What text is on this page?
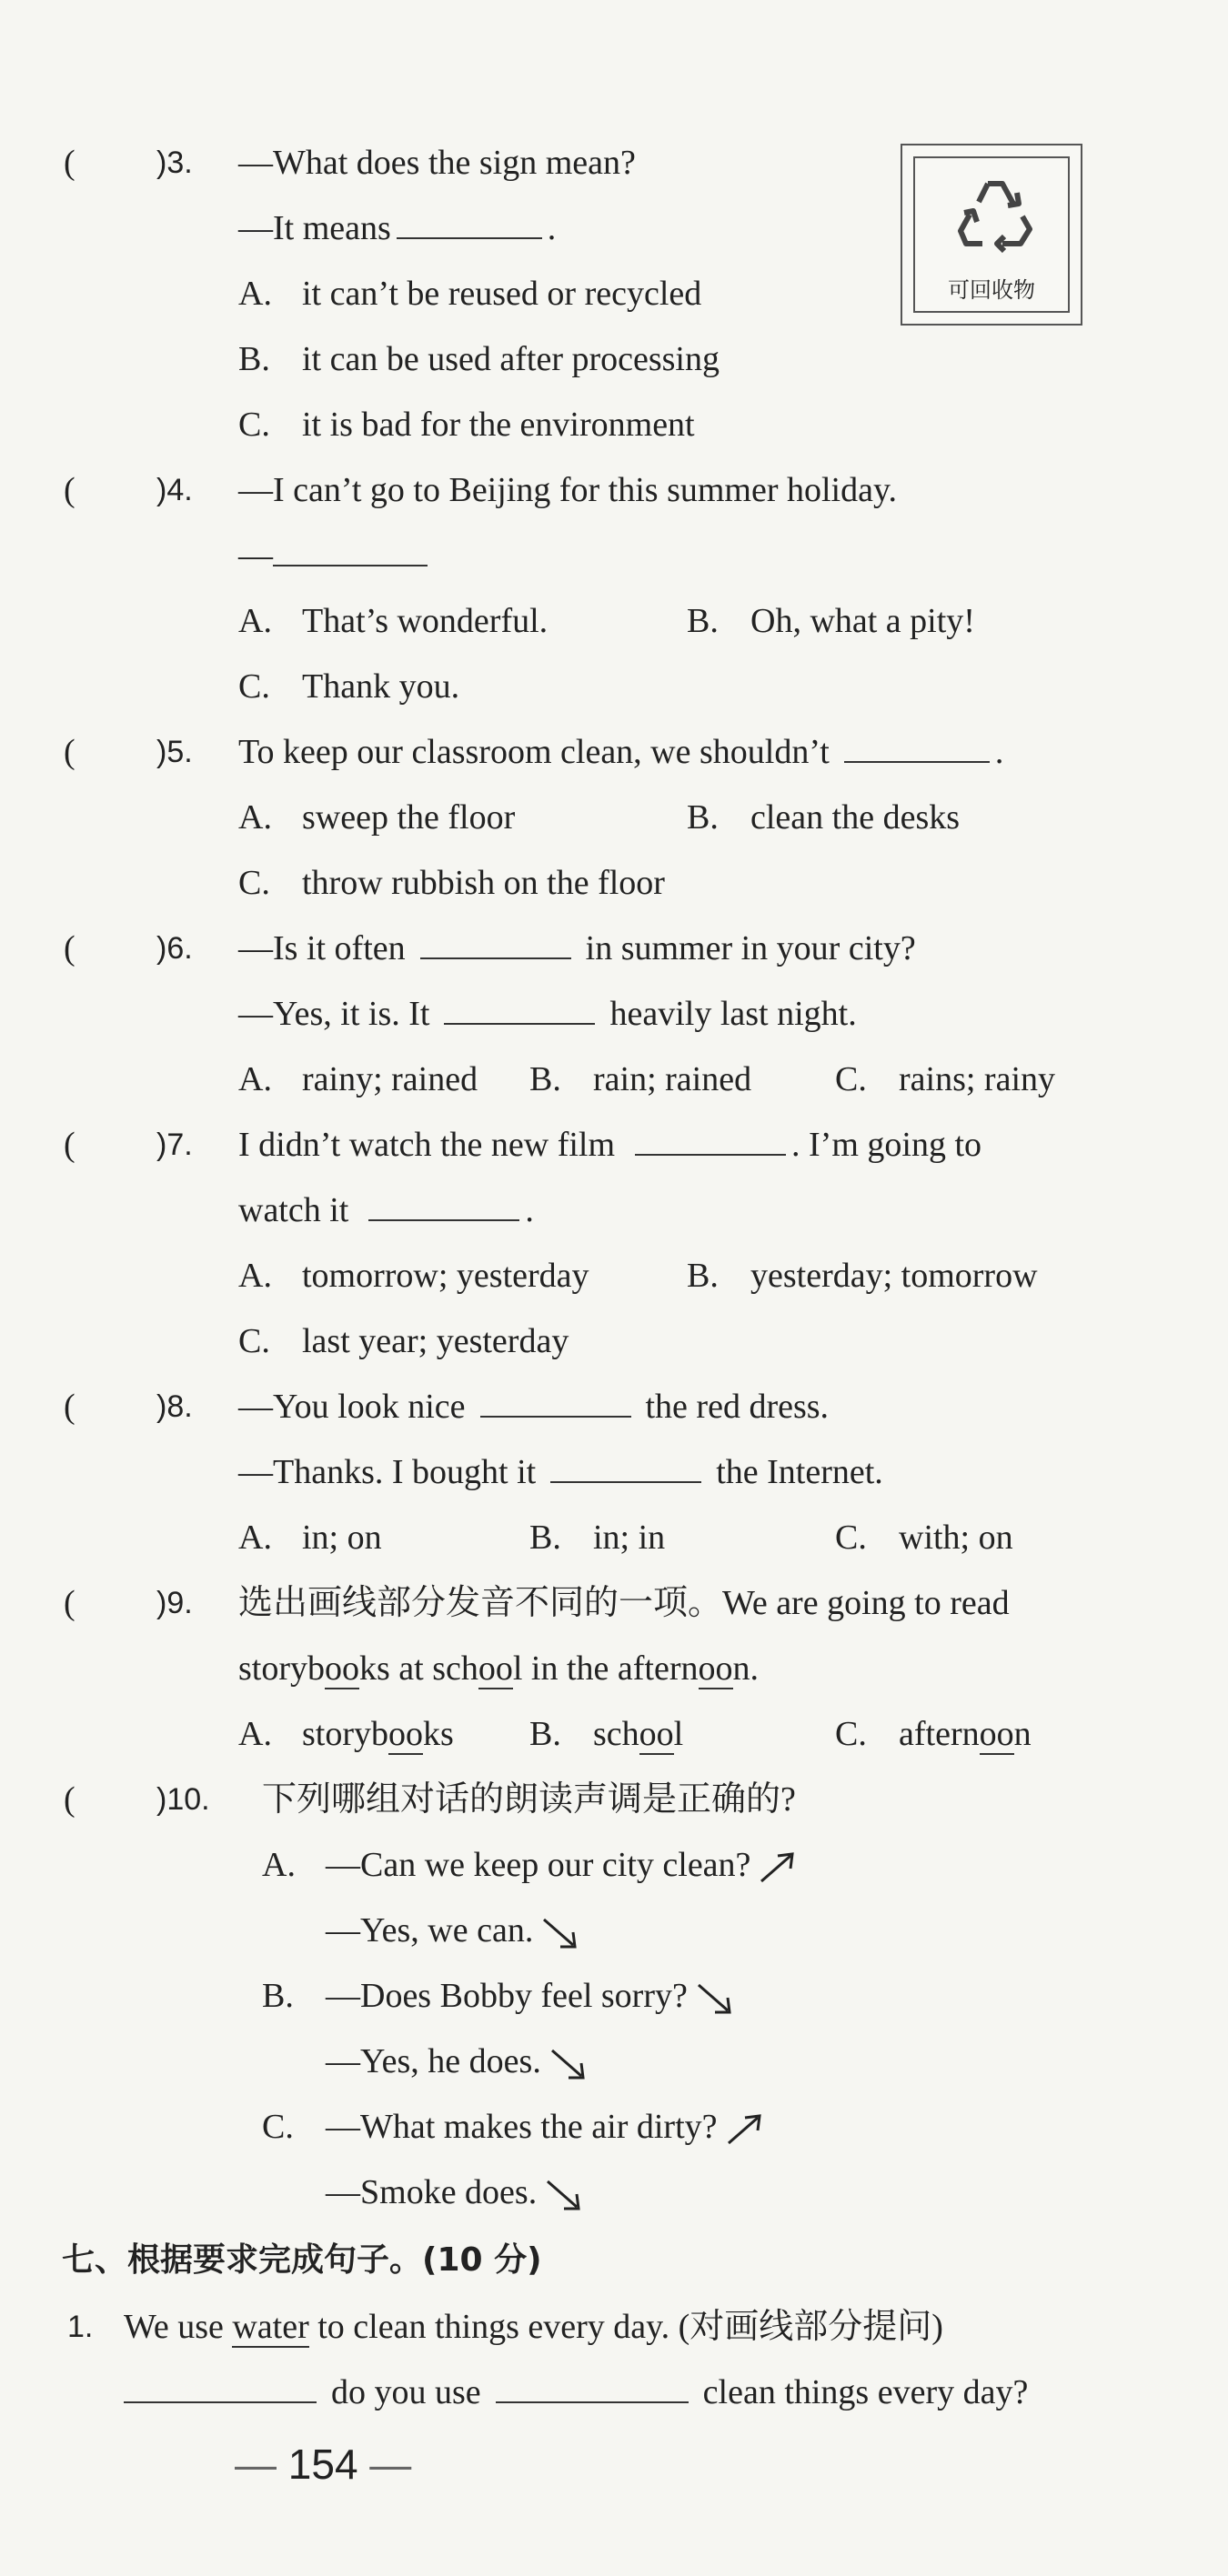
(	)3. —What does the sign mean?
—It means	.
A. it can’t be reused or recycled
B. it can be used after processing
C. it is bad for the environment
可回收物
(	)4. —I can’t go to Beijing for this summer holiday.
—
A. That’s wonderful.	B. Oh, what a pity!
C. Thank you.
(	)5. To keep our classroom clean, we shouldn’t	.
A. sweep the floor	B. clean the desks
C. throw rubbish on the floor
(	)6. —Is it often	in summer in your city?
—Yes, it is. It	heavily last night.
A. rainy; rained B. rain; rained C. rains; rainy
(	)7. I didn’t watch the new film	. I’m going to
watch it	.
A. tomorrow; yesterday	B. yesterday; tomorrow
C. last year; yesterday
(	)8. —You look nice	the red dress.
—Thanks. I bought it	the Internet.
A. in; on	B. in; in	C. with; on
(	)9. 选出画线部分发音不同的一项。We are going to read
storybooks at school in the afternoon.
A. storybooks B. school	C. afternoon
(	)10. 下列哪组对话的朗读声调是正确的?
A. —Can we keep our city clean?
—Yes, we can.
B. —Does Bobby feel sorry?
—Yes, he does.
C. —What makes the air dirty?
—Smoke does.
七、根据要求完成句子。(10 分)
1. We use water to clean things every day. (对画线部分提问)
do you use	clean things every day?
— 154 —
